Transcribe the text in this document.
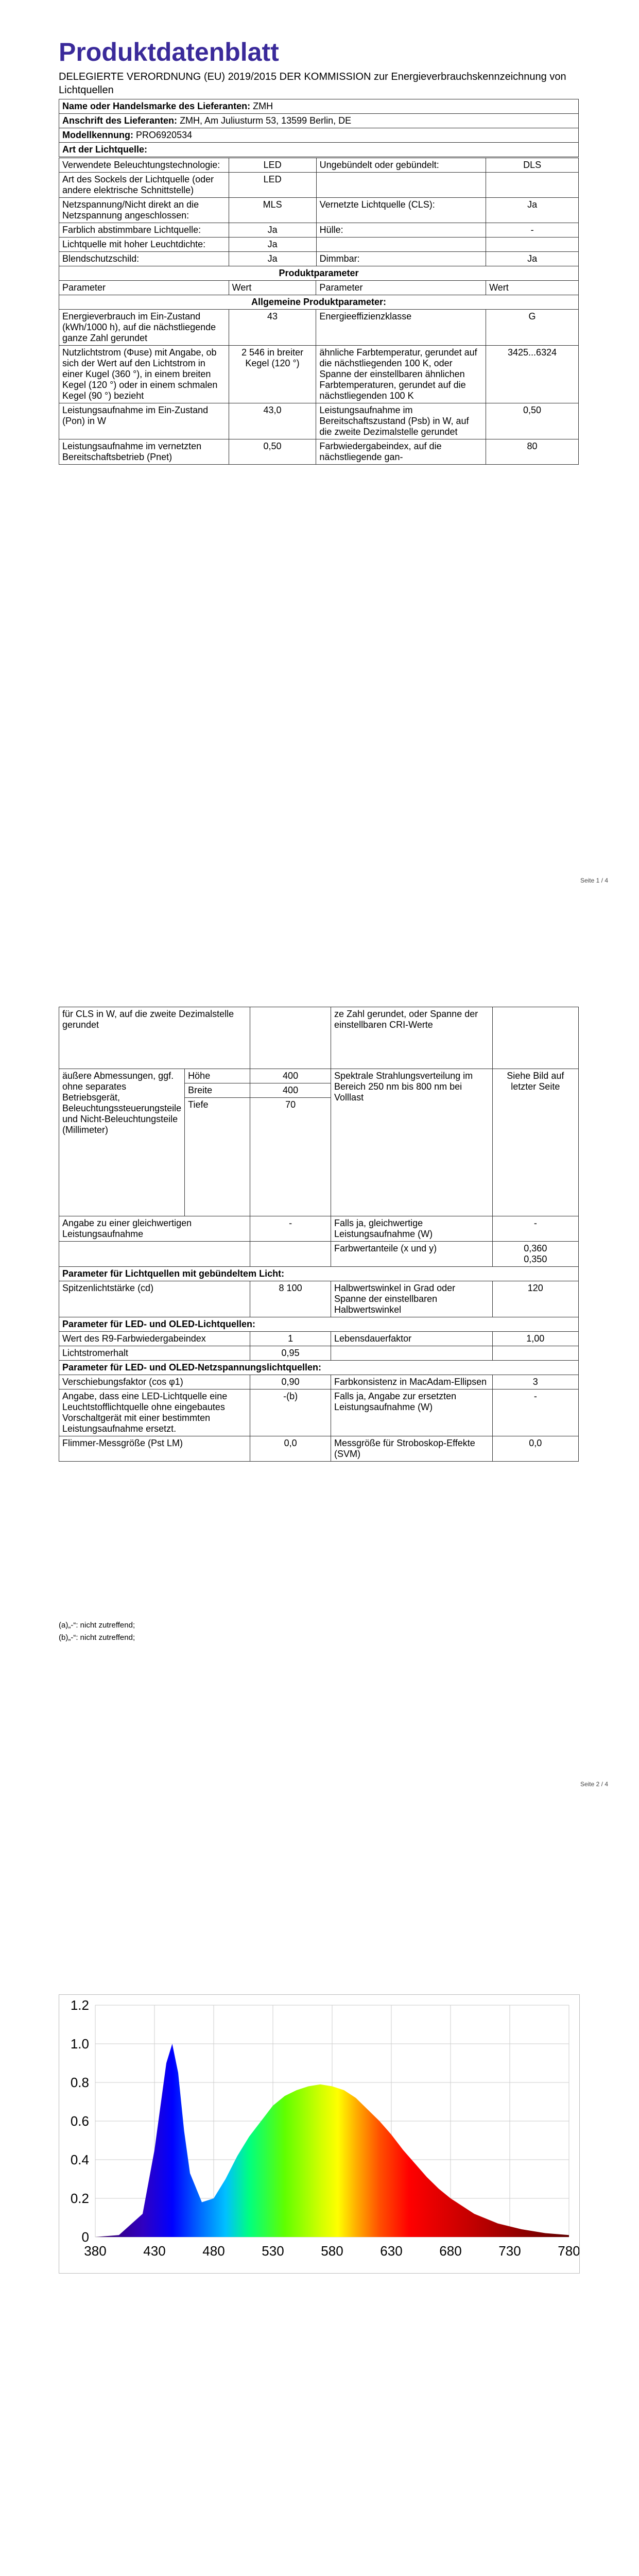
Produktdatenblatt
DELEGIERTE VERORDNUNG (EU) 2019/2015 DER KOMMISSION zur Energieverbrauchskennzeichnung von Lichtquellen
Name oder Handelsmarke des Lieferanten: ZMH
Anschrift des Lieferanten: ZMH, Am Juliusturm 53, 13599 Berlin, DE
Modellkennung: PRO6920534
Art der Lichtquelle:
Verwendete Beleuchtungstechnologie:	LED	Ungebündelt oder gebündelt:	DLS
Art des Sockels der Lichtquelle (oder andere elektrische Schnittstelle)	LED		
Netzspannung/Nicht direkt an die Netzspannung angeschlossen:	MLS	Vernetzte Lichtquelle (CLS):	Ja
Farblich abstimmbare Lichtquelle:	Ja	Hülle:	-
Lichtquelle mit hoher Leuchtdichte:	Ja		
Blendschutzschild:	Ja	Dimmbar:	Ja
Produktparameter			
Parameter	Wert	Parameter	Wert
Allgemeine Produktparameter:			
Energieverbrauch im Ein-Zustand (kWh/1000 h), auf die nächstliegende ganze Zahl gerundet	43	Energieeffizienzklasse	G
Nutzlichtstrom (Φuse) mit Angabe, ob sich der Wert auf den Lichtstrom in einer Kugel (360 °), in einem breiten Kegel (120 °) oder in einem schmalen Kegel (90 °) bezieht	2 546 in breiter Kegel (120 °)	ähnliche Farbtemperatur, gerundet auf die nächstliegenden 100 K, oder Spanne der einstellbaren ähnlichen Farbtemperaturen, gerundet auf die nächstliegenden 100 K	3425...6324
Leistungsaufnahme im Ein-Zustand (Pon) in W	43,0	Leistungsaufnahme im Bereitschaftszustand (Psb) in W, auf die zweite Dezimalstelle gerundet	0,50
Leistungsaufnahme im vernetzten Bereitschaftsbetrieb (Pnet)	0,50	Farbwiedergabeindex, auf die nächstliegende gan-	80
Seite 1 / 4
für CLS in W, auf die zweite Dezimalstelle gerundet			ze Zahl gerundet, oder Spanne der einstellbaren CRI-Werte	
äußere Abmessungen, ggf. ohne separates Betriebsgerät, Beleuchtungssteuerungsteile und Nicht-Beleuchtungsteile (Millimeter)	Höhe	400	Spektrale Strahlungsverteilung im Bereich 250 nm bis 800 nm bei Volllast	Siehe Bild auf letzter Seite
	Breite	400		
	Tiefe	70		
Angabe zu einer gleichwertigen Leistungsaufnahme		-	Falls ja, gleichwertige Leistungsaufnahme (W)	-
			Farbwertanteile (x und y)	0,360
0,350

Parameter für Lichtquellen mit gebündeltem Licht:				
Spitzenlichtstärke (cd)		8 100	Halbwertswinkel in Grad oder Spanne der einstellbaren Halbwertswinkel	120
Parameter für LED- und OLED-Lichtquellen:				
Wert des R9-Farbwiedergabeindex		1	Lebensdauerfaktor	1,00
Lichtstromerhalt		0,95		
Parameter für LED- und OLED-Netzspannungslichtquellen:				
Verschiebungsfaktor (cos φ1)		0,90	Farbkonsistenz in MacAdam-Ellipsen	3
Angabe, dass eine LED-Lichtquelle eine Leuchtstofflichtquelle ohne eingebautes Vorschaltgerät mit einer bestimmten Leistungsaufnahme ersetzt.		-(b)	Falls ja, Angabe zur ersetzten Leistungsaufnahme (W)	-
Flimmer-Messgröße (Pst LM)		0,0	Messgröße für Stroboskop-Effekte (SVM)	0,0
(a)„-“: nicht zutreffend;
(b)„-“: nicht zutreffend;
Seite 2 / 4
0
0.2
0.4
0.6
0.8
1.0
1.2
380	430	480	530	580	630	680	730	780
